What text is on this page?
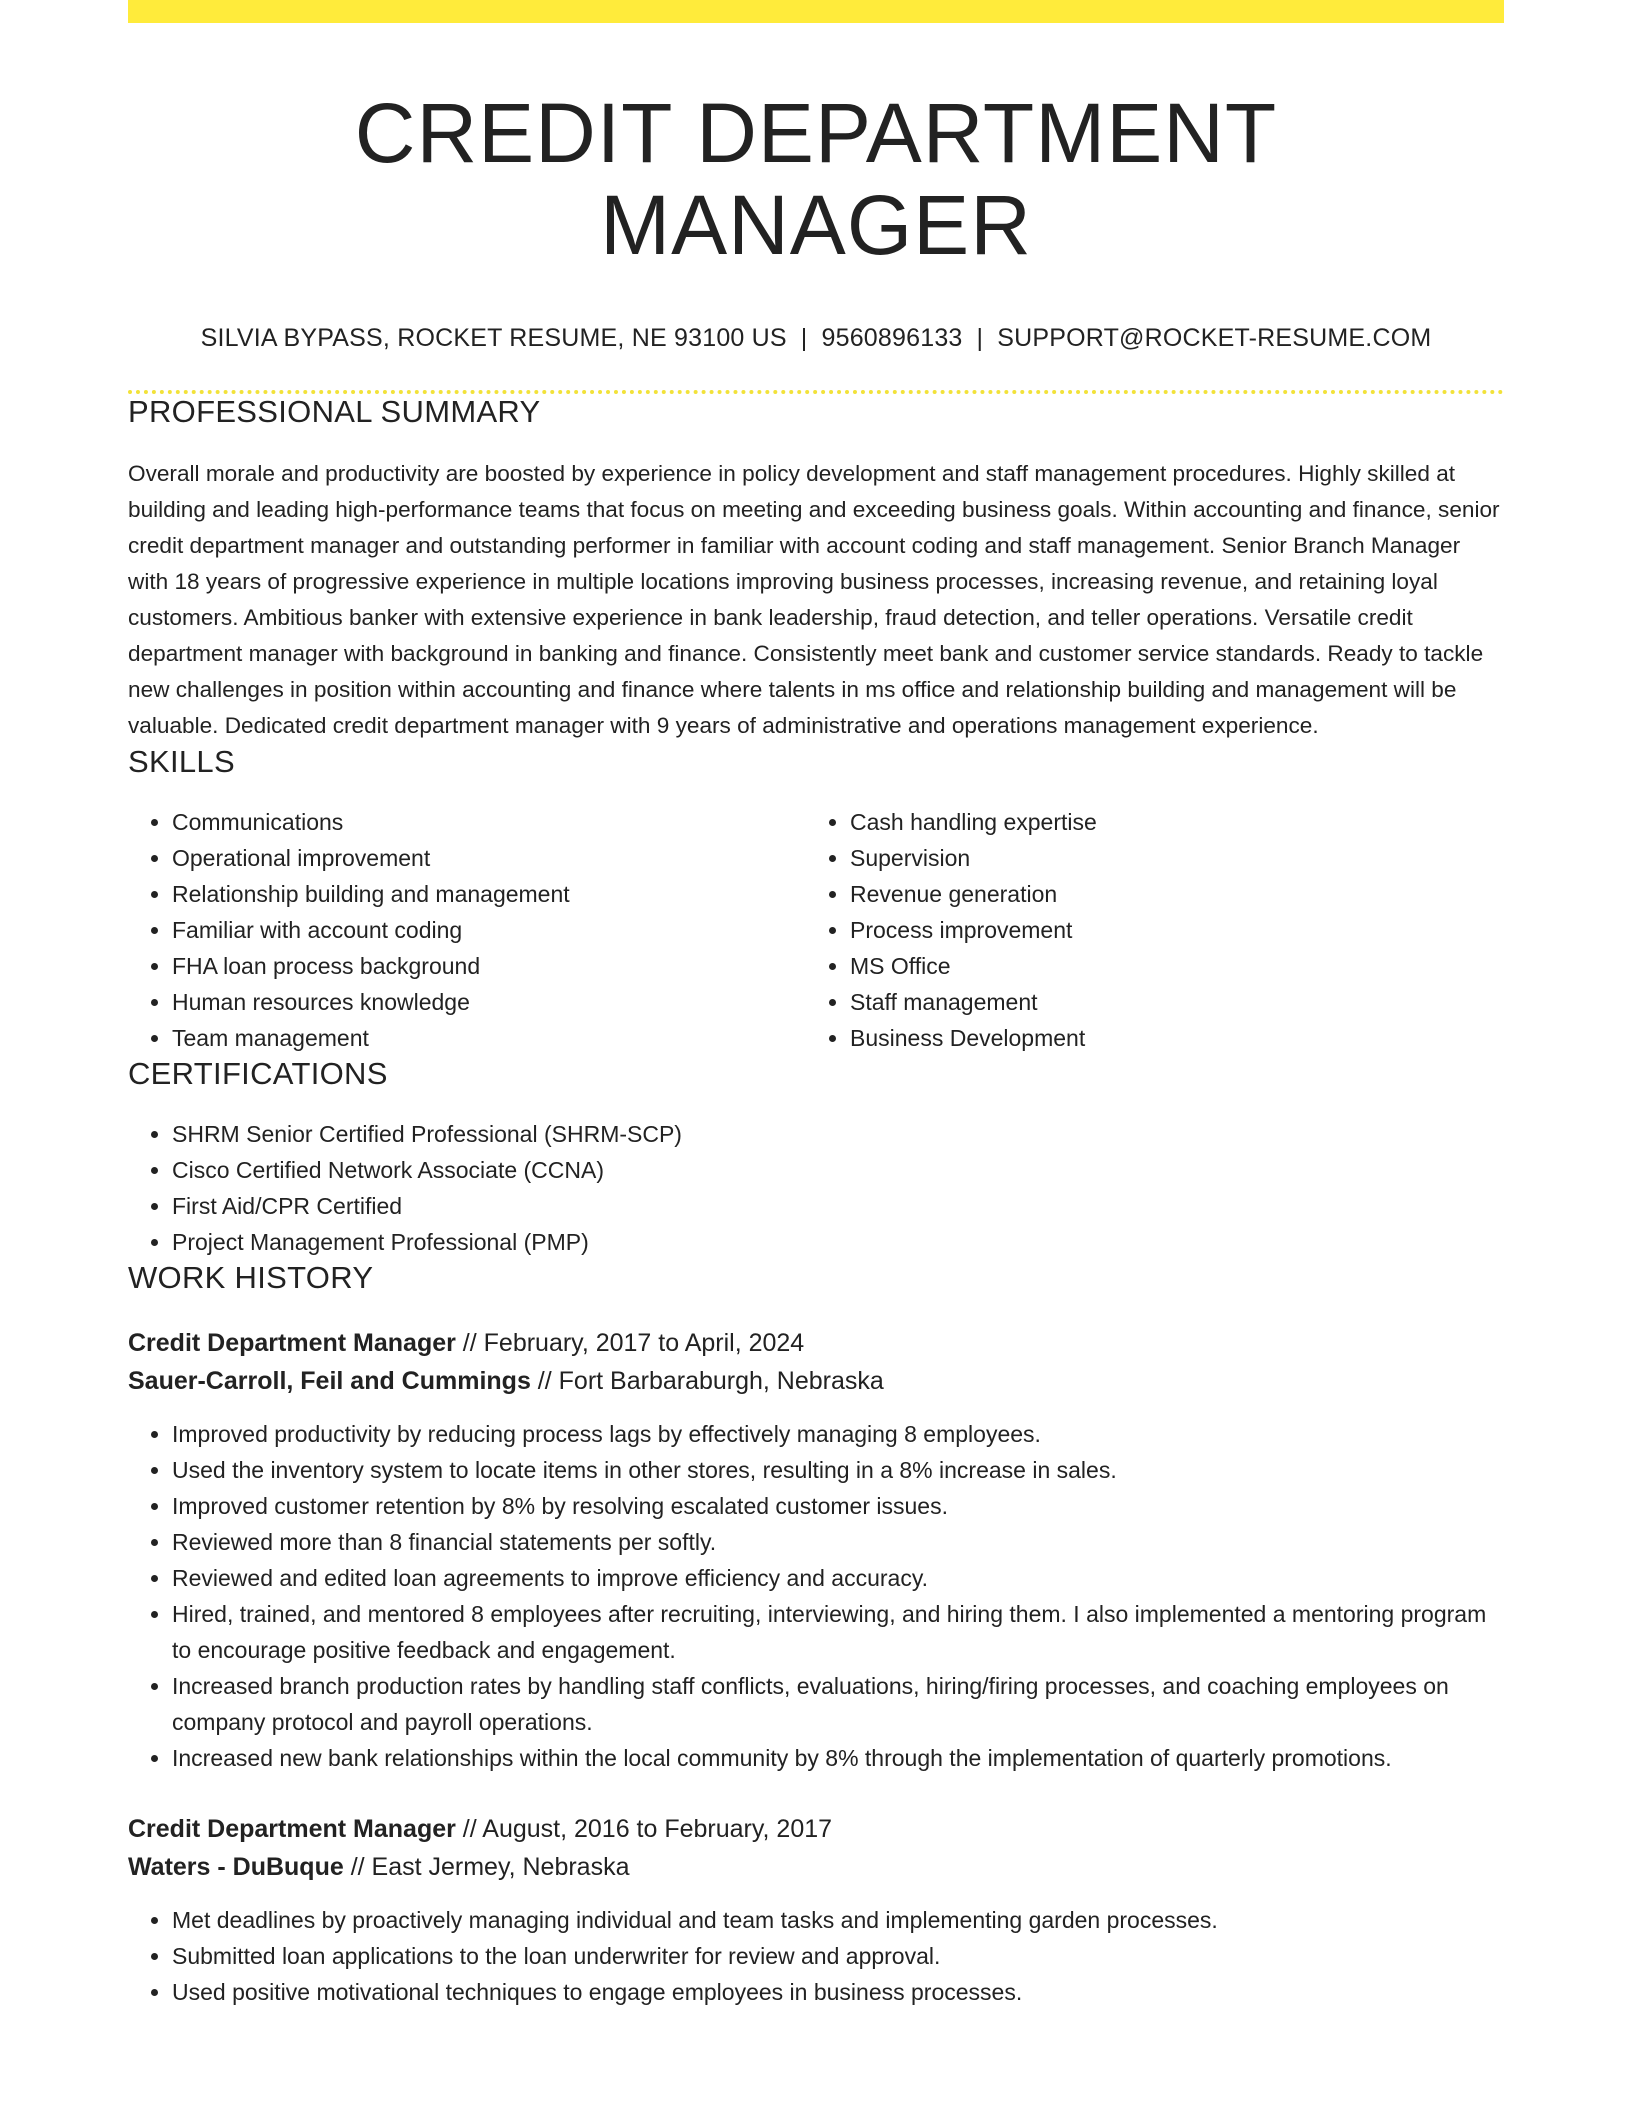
CREDIT DEPARTMENT MANAGER
SILVIA BYPASS, ROCKET RESUME, NE 93100 US | 9560896133 | SUPPORT@ROCKET-RESUME.COM
PROFESSIONAL SUMMARY
Overall morale and productivity are boosted by experience in policy development and staff management procedures. Highly skilled at building and leading high-performance teams that focus on meeting and exceeding business goals. Within accounting and finance, senior credit department manager and outstanding performer in familiar with account coding and staff management. Senior Branch Manager with 18 years of progressive experience in multiple locations improving business processes, increasing revenue, and retaining loyal customers. Ambitious banker with extensive experience in bank leadership, fraud detection, and teller operations. Versatile credit department manager with background in banking and finance. Consistently meet bank and customer service standards. Ready to tackle new challenges in position within accounting and finance where talents in ms office and relationship building and management will be valuable. Dedicated credit department manager with 9 years of administrative and operations management experience.
SKILLS
• Communications
• Operational improvement
• Relationship building and management
• Familiar with account coding
• FHA loan process background
• Human resources knowledge
• Team management
• Cash handling expertise
• Supervision
• Revenue generation
• Process improvement
• MS Office
• Staff management
• Business Development
CERTIFICATIONS
• SHRM Senior Certified Professional (SHRM-SCP)
• Cisco Certified Network Associate (CCNA)
• First Aid/CPR Certified
• Project Management Professional (PMP)
WORK HISTORY
Credit Department Manager // February, 2017 to April, 2024
Sauer-Carroll, Feil and Cummings // Fort Barbaraburgh, Nebraska
• Improved productivity by reducing process lags by effectively managing 8 employees.
• Used the inventory system to locate items in other stores, resulting in a 8% increase in sales.
• Improved customer retention by 8% by resolving escalated customer issues.
• Reviewed more than 8 financial statements per softly.
• Reviewed and edited loan agreements to improve efficiency and accuracy.
• Hired, trained, and mentored 8 employees after recruiting, interviewing, and hiring them. I also implemented a mentoring program to encourage positive feedback and engagement.
• Increased branch production rates by handling staff conflicts, evaluations, hiring/firing processes, and coaching employees on company protocol and payroll operations.
• Increased new bank relationships within the local community by 8% through the implementation of quarterly promotions.
Credit Department Manager // August, 2016 to February, 2017
Waters - DuBuque // East Jermey, Nebraska
• Met deadlines by proactively managing individual and team tasks and implementing garden processes.
• Submitted loan applications to the loan underwriter for review and approval.
• Used positive motivational techniques to engage employees in business processes.
